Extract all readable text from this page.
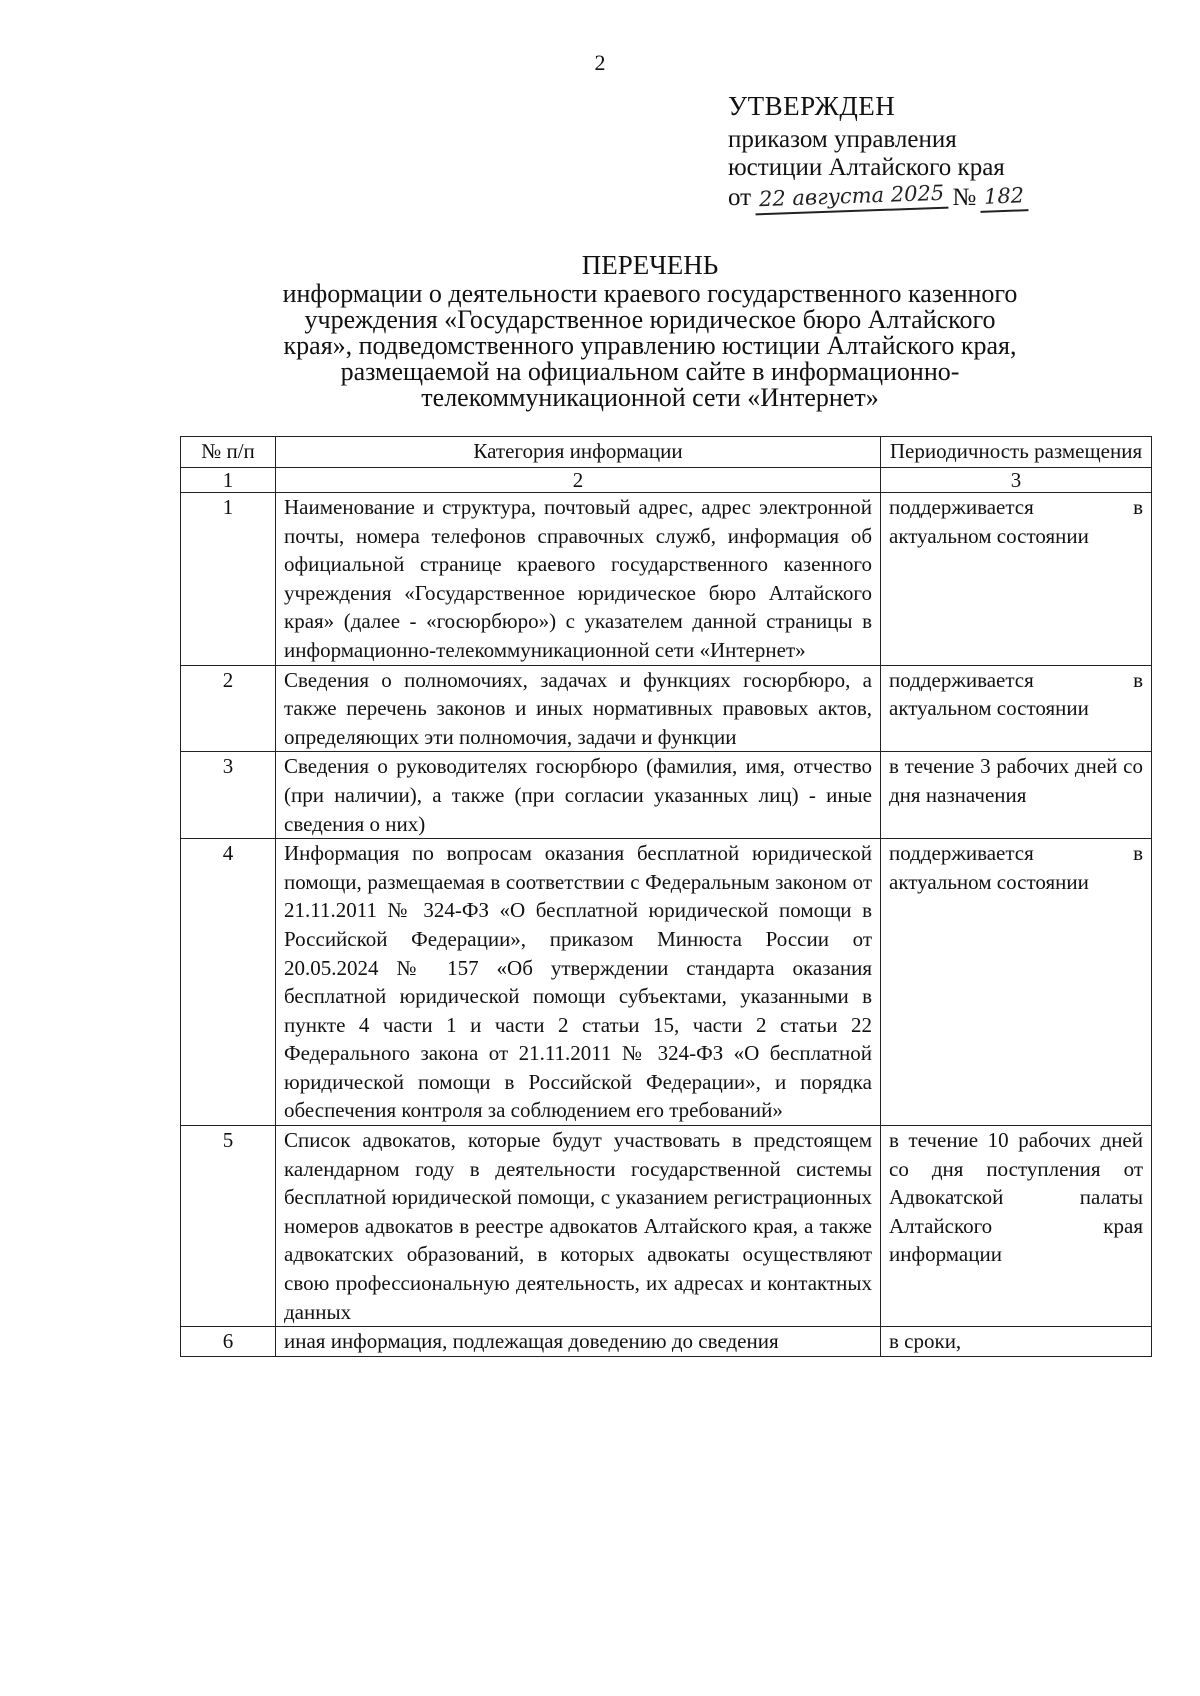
2
УТВЕРЖДЕН
приказом управления
юстиции Алтайского края
от 22 августа 2025 № 182
ПЕРЕЧЕНЬ
информации о деятельности краевого государственного казенного
учреждения «Государственное юридическое бюро Алтайского
края», подведомственного управлению юстиции Алтайского края,
размещаемой на официальном сайте в информационно-
телекоммуникационной сети «Интернет»
№ п/п	Категория информации	Периодичность размещения
1	2	3
1	Наименование и структура, почтовый адрес, адрес электронной почты, номера телефонов справочных служб, информация об официальной странице краевого государственного казенного учреждения «Государственное юридическое бюро Алтайского края» (далее - «госюрбюро») с указателем данной страницы в информационно-телекоммуникационной сети «Интернет»	поддерживается в актуальном состоянии
2	Сведения о полномочиях, задачах и функциях госюрбюро, а также перечень законов и иных нормативных правовых актов, определяющих эти полномочия, задачи и функции	поддерживается в актуальном состоянии
3	Сведения о руководителях госюрбюро (фамилия, имя, отчество (при наличии), а также (при согласии указанных лиц) - иные сведения о них)	в течение 3 рабочих дней со дня назначения
4	Информация по вопросам оказания бесплатной юридической помощи, размещаемая в соответствии с Федеральным законом от 21.11.2011 № 324-ФЗ «О бесплатной юридической помощи в Российской Федерации», приказом Минюста России от 20.05.2024 № 157 «Об утверждении стандарта оказания бесплатной юридической помощи субъектами, указанными в пункте 4 части 1 и части 2 статьи 15, части 2 статьи 22 Федерального закона от 21.11.2011 № 324-ФЗ «О бесплатной юридической помощи в Российской Федерации», и порядка обеспечения контроля за соблюдением его требований»	поддерживается в актуальном состоянии
5	Список адвокатов, которые будут участвовать в предстоящем календарном году в деятельности государственной системы бесплатной юридической помощи, с указанием регистрационных номеров адвокатов в реестре адвокатов Алтайского края, а также адвокатских образований, в которых адвокаты осуществляют свою профессиональную деятельность, их адресах и контактных данных	в течение 10 рабочих дней со дня поступления от Адвокатской палаты Алтайского края информации
6	иная информация, подлежащая доведению до сведения	в сроки,
